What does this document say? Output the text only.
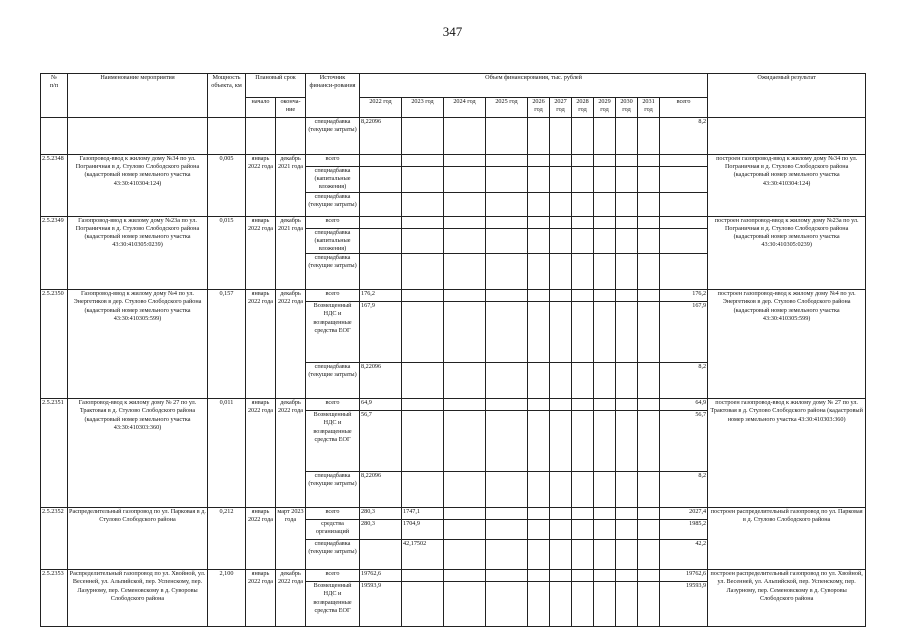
347
№
п/п	Наименование мероприятия	Мощность объекта, км	Плановый срок		Источник финанси-рования	Объем финансирования, тыс. рублей											Ожидаемый результат
			начало	оконча-ние		2022 год	2023 год	2024 год	2025 год	2026 год	2027 год	2028 год	2029 год	2030 год	2031 год	всего	
					спецнадбавка (текущие затраты)	8,22096										8,2	
2.5.2348	Газопровод-ввод к жилому дому №34 по ул. Пограничная в д. Стулово Слободского района (кадастровый номер земельного участка 43:30:410304:124)	0,005	январь 2022 года	декабрь 2021 года	всего												построен газопровод-ввод к жилому дому №34 по ул. Пограничная в д. Стулово Слободского района (кадастровый номер земельного участка 43:30:410304:124)
					спецнадбавка (капитальные вложения)												
					спецнадбавка (текущие затраты)												
2.5.2349	Газопровод-ввод к жилому дому №23а по ул. Пограничная в д. Стулово Слободского района (кадастровый номер земельного участка 43:30:410305:0239)	0,015	январь 2022 года	декабрь 2021 года	всего												построен газопровод-ввод к жилому дому №23а по ул. Пограничная в д. Стулово Слободского района (кадастровый номер земельного участка 43:30:410305:0239)
					спецнадбавка (капитальные вложения)												
					спецнадбавка (текущие затраты)												
2.5.2350	Газопровод-ввод к жилому дому №4 по ул. Энергетиков в дер. Стулово Слободского района (кадастровый номер земельного участка 43:30:410305:599)	0,157	январь 2022 года	декабрь 2022 года	всего	176,2										176,2	построен газопровод-ввод к жилому дому №4 по ул. Энергетиков в дер. Стулово Слободского района (кадастровый номер земельного участка 43:30:410305:599)
					Возмещенный НДС и возвращенные средства ЕОГ	167,9										167,9	
					спецнадбавка (текущие затраты)	8,22096										8,2	
2.5.2351	Газопровод-ввод к жилому дому № 27 по ул. Трактовая в д. Стулово Слободского района (кадастровый номер земельного участка 43:30:410303:360)	0,011	январь 2022 года	декабрь 2022 года	всего	64,9										64,9	построен газопровод-ввод к жилому дому № 27 по ул. Трактовая в д. Стулово Слободского района (кадастровый номер земельного участка 43:30:410303:360)
					Возмещенный НДС и возвращенные средства ЕОГ	56,7										56,7	
					спецнадбавка (текущие затраты)	8,22096										8,2	
2.5.2352	Распределительный газопровод по ул. Парковая в д. Стулово Слободского района	0,212	январь 2022 года	март 2023 года	всего	280,3	1747,1									2027,4	построен распределительный газопровод по ул. Парковая в д. Стулово Слободского района
					средства организаций	280,3	1704,9									1985,2	
					спецнадбавка (текущие затраты)		42,17502									42,2	
2.5.2353	Распределительный газопровод по ул. Хвойной, ул. Весенней, ул. Альпийской, пер. Успенскому, пер. Лазурному, пер. Семеновскому в д. Суворовы Слободского района	2,100	январь 2022 года	декабрь 2022 года	всего	19762,6										19762,6	построен распределительный газопровод по ул. Хвойной, ул. Весенней, ул. Альпийской, пер. Успенскому, пер. Лазурному, пер. Семеновскому в д. Суворовы Слободского района
					Возмещенный НДС и возвращенные средства ЕОГ	19593,9										19593,9	
